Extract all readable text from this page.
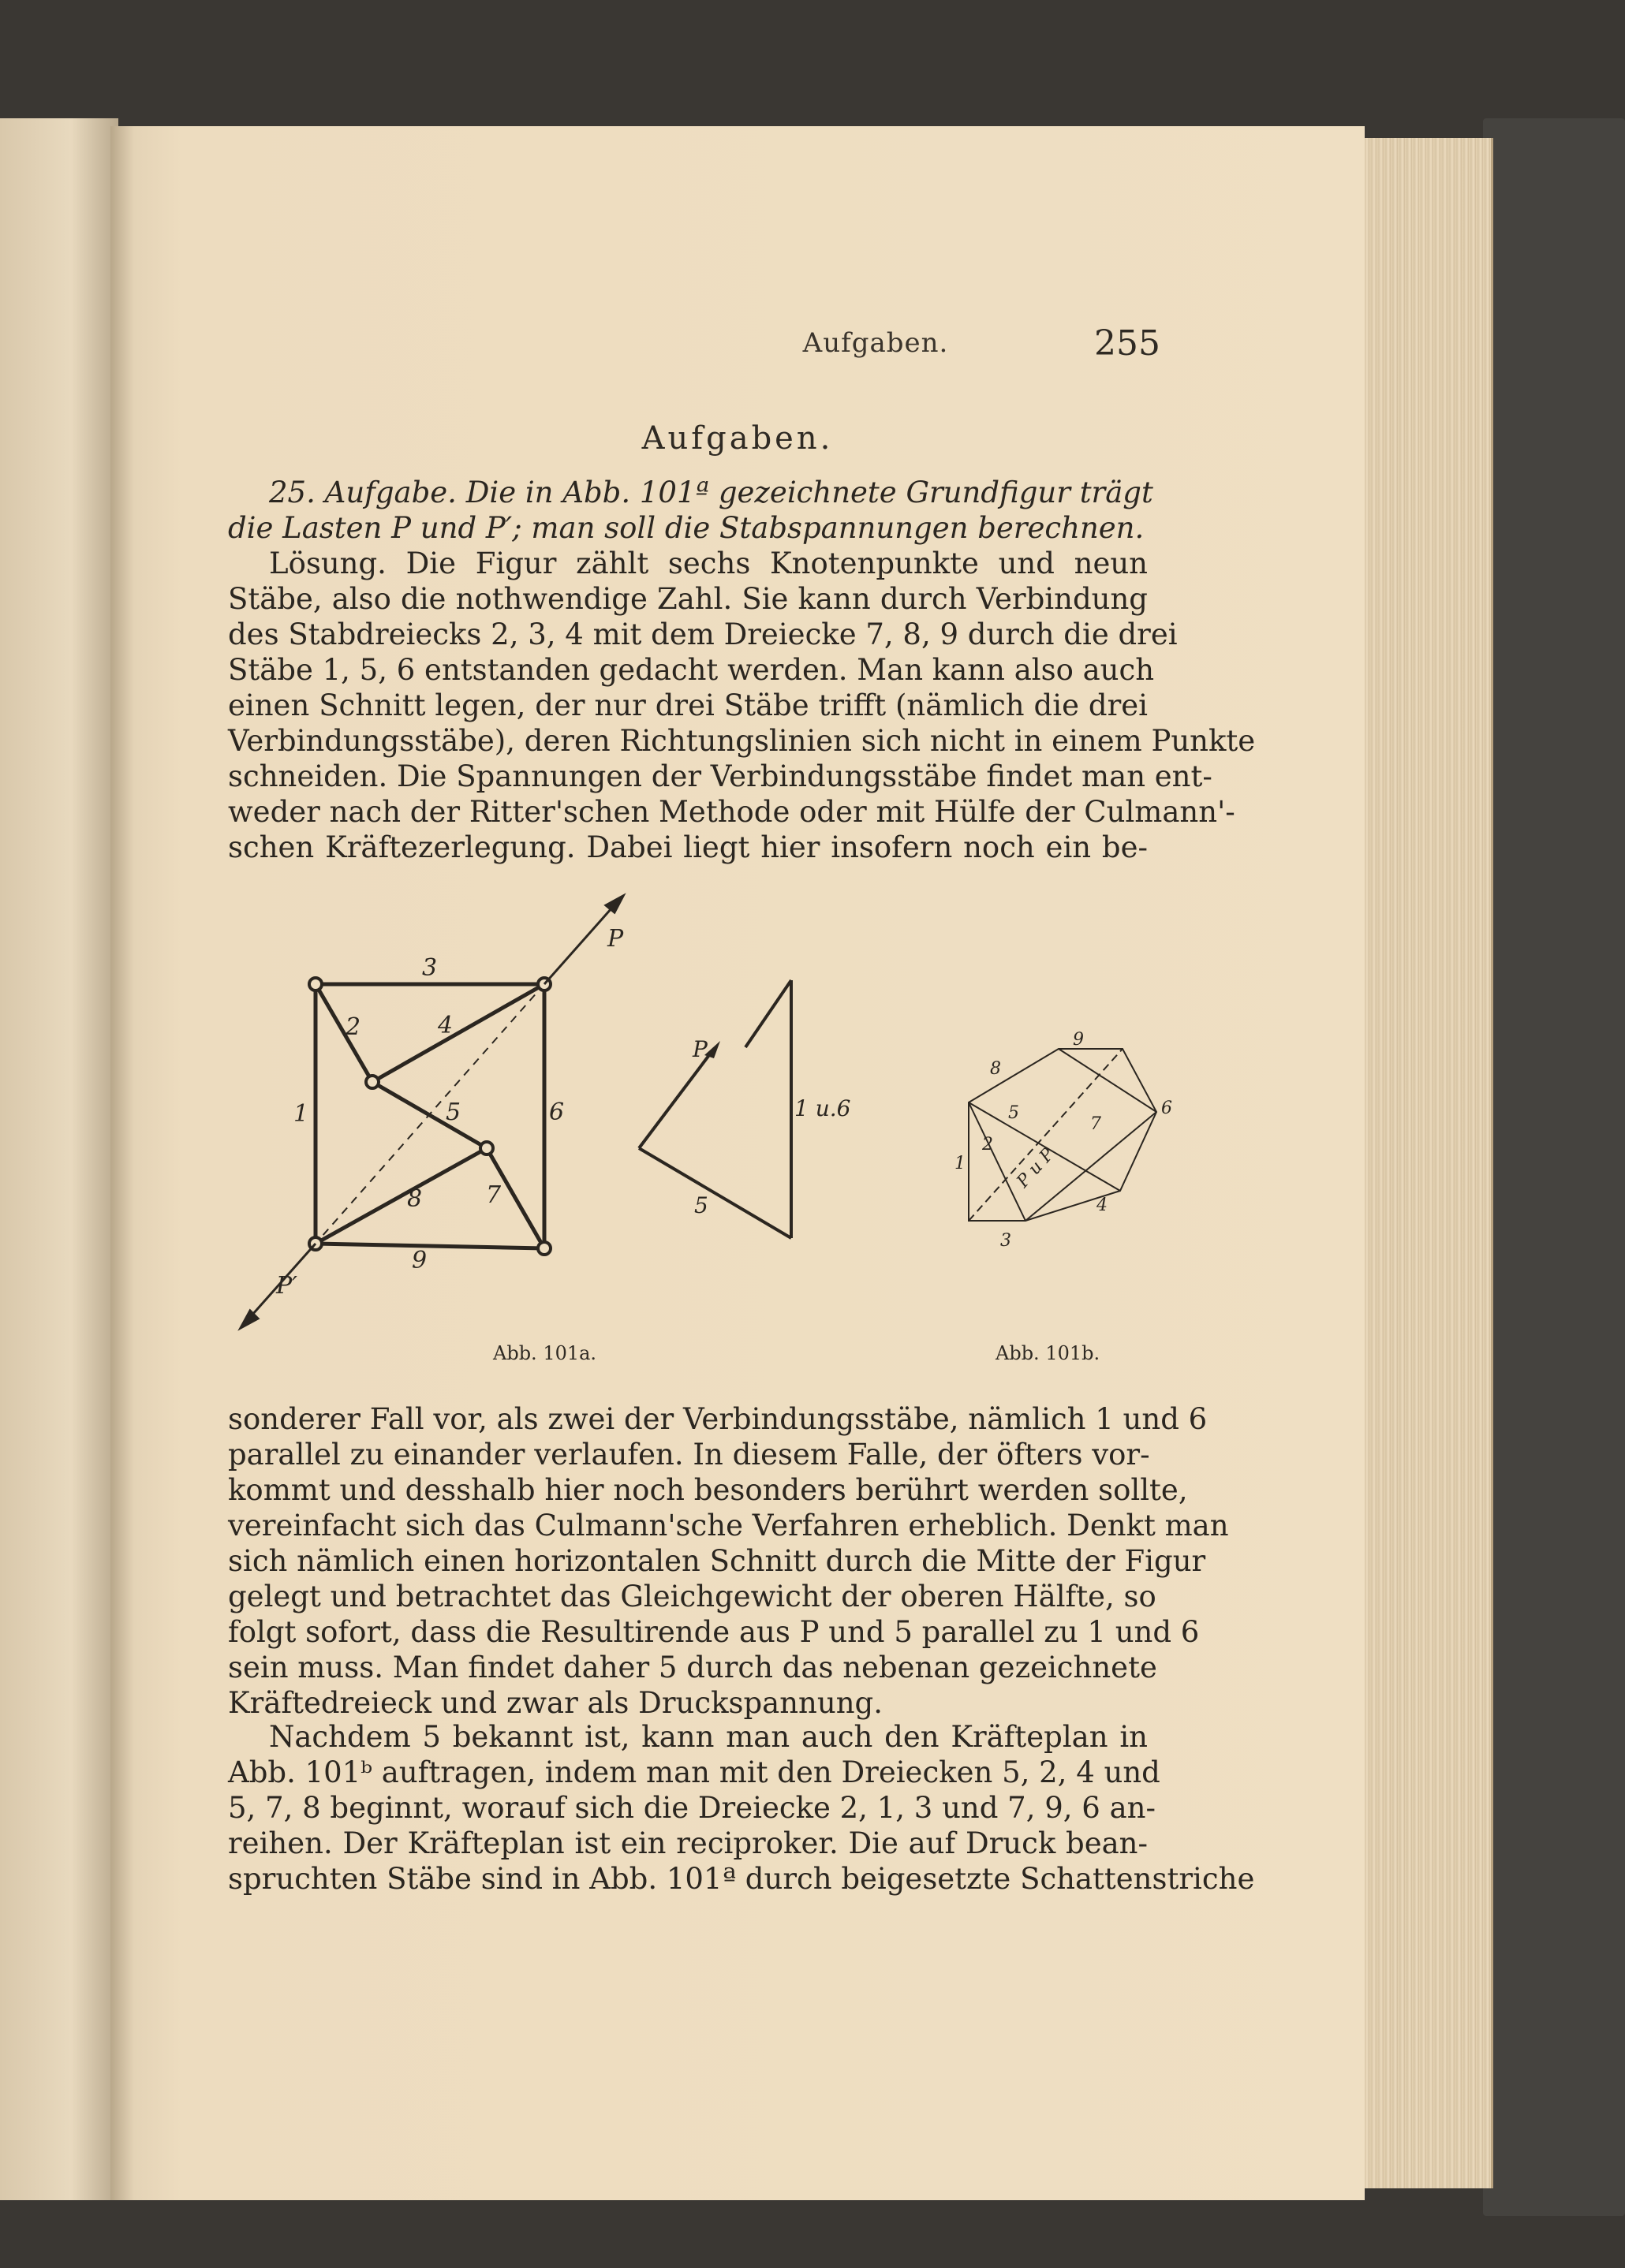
Aufgaben.	255
Aufgaben.
25. Aufgabe. Die in Abb. 101ª gezeichnete Grundfigur trägt
die Lasten P und P′; man soll die Stabspannungen berechnen.
Lösung. Die Figur zählt sechs Knotenpunkte und neun
Stäbe, also die nothwendige Zahl. Sie kann durch Verbindung
des Stabdreiecks 2, 3, 4 mit dem Dreiecke 7, 8, 9 durch die drei
Stäbe 1, 5, 6 entstanden gedacht werden. Man kann also auch
einen Schnitt legen, der nur drei Stäbe trifft (nämlich die drei
Verbindungsstäbe), deren Richtungslinien sich nicht in einem Punkte
schneiden. Die Spannungen der Verbindungsstäbe findet man ent-
weder nach der Ritter'schen Methode oder mit Hülfe der Culmann'-
schen Kräftezerlegung. Dabei liegt hier insofern noch ein be-
P
P′
1
2
3
4
5	6
7
8
9
P
1 u.6
5
9
8
6
5
7
2
1
4
3
P u P
Abb. 101a.	Abb. 101b.
sonderer Fall vor, als zwei der Verbindungsstäbe, nämlich 1 und 6
parallel zu einander verlaufen. In diesem Falle, der öfters vor-
kommt und desshalb hier noch besonders berührt werden sollte,
vereinfacht sich das Culmann'sche Verfahren erheblich. Denkt man
sich nämlich einen horizontalen Schnitt durch die Mitte der Figur
gelegt und betrachtet das Gleichgewicht der oberen Hälfte, so
folgt sofort, dass die Resultirende aus P und 5 parallel zu 1 und 6
sein muss. Man findet daher 5 durch das nebenan gezeichnete
Kräftedreieck und zwar als Druckspannung.
Nachdem 5 bekannt ist, kann man auch den Kräfteplan in
Abb. 101ᵇ auftragen, indem man mit den Dreiecken 5, 2, 4 und
5, 7, 8 beginnt, worauf sich die Dreiecke 2, 1, 3 und 7, 9, 6 an-
reihen. Der Kräfteplan ist ein reciproker. Die auf Druck bean-
spruchten Stäbe sind in Abb. 101ª durch beigesetzte Schattenstriche
